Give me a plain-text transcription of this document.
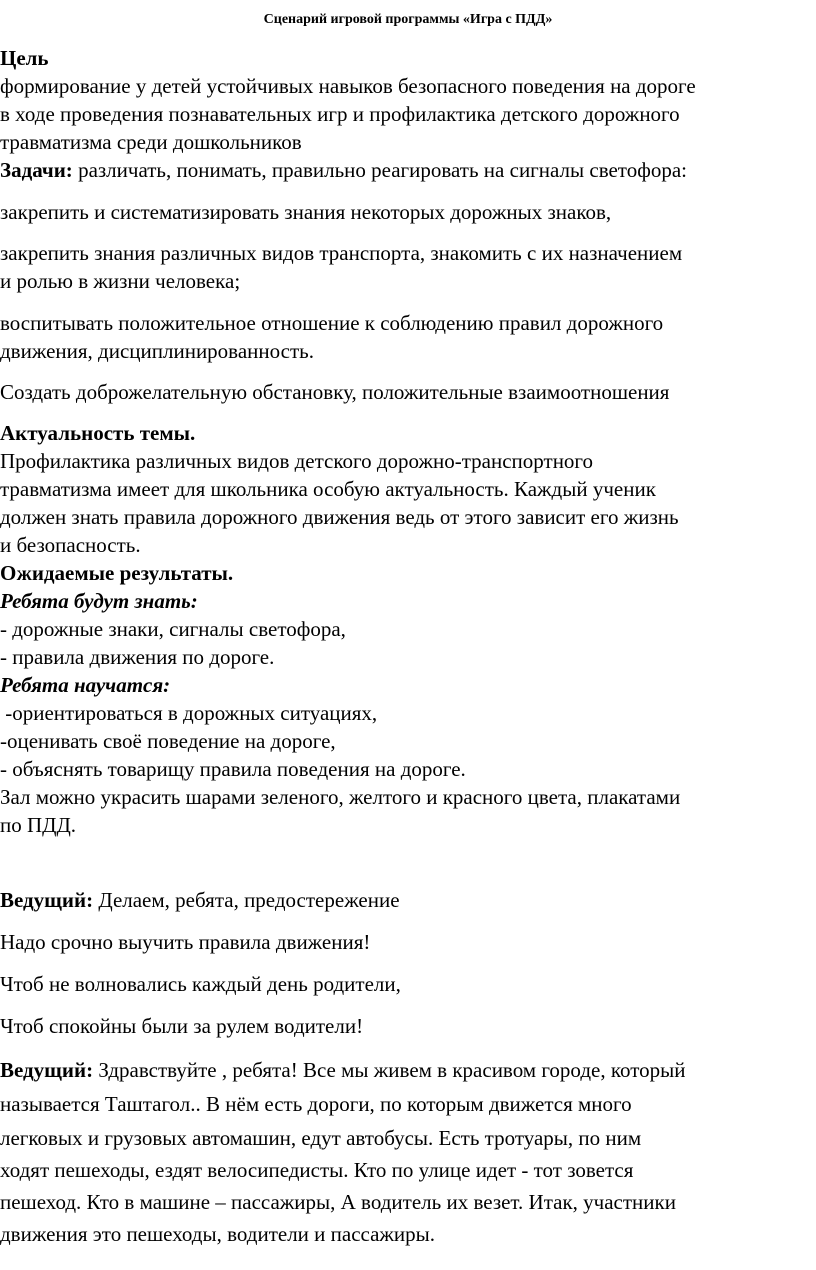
Сценарий игровой программы «Игра с ПДД»
Цель
формирование у детей устойчивых навыков безопасного поведения на дороге
в ходе проведения познавательных игр и профилактика детского дорожного
травматизма среди дошкольников
Задачи: различать, понимать, правильно реагировать на сигналы светофора:
закрепить и систематизировать знания некоторых дорожных знаков,
закрепить знания различных видов транспорта, знакомить с их назначением
и ролью в жизни человека;
воспитывать положительное отношение к соблюдению правил дорожного
движения, дисциплинированность.
Создать доброжелательную обстановку, положительные взаимоотношения
Актуальность темы.
Профилактика различных видов детского дорожно-транспортного
травматизма имеет для школьника особую актуальность. Каждый ученик
должен знать правила дорожного движения ведь от этого зависит его жизнь
и безопасность.
Ожидаемые результаты.
Ребята будут знать:
- дорожные знаки, сигналы светофора,
- правила движения по дороге.
Ребята научатся:
-ориентироваться в дорожных ситуациях,
-оценивать своё поведение на дороге,
- объяснять товарищу правила поведения на дороге.
Зал можно украсить шарами зеленого, желтого и красного цвета, плакатами
по ПДД.
Ведущий: Делаем, ребята, предостережение
Надо срочно выучить правила движения!
Чтоб не волновались каждый день родители,
Чтоб спокойны были за рулем водители!
Ведущий: Здравствуйте , ребята! Все мы живем в красивом городе, который
называется Таштагол.. В нём есть дороги, по которым движется много
легковых и грузовых автомашин, едут автобусы. Есть тротуары, по ним
ходят пешеходы, ездят велосипедисты. Кто по улице идет - тот зовется
пешеход. Кто в машине – пассажиры, А водитель их везет. Итак, участники
движения это пешеходы, водители и пассажиры.
